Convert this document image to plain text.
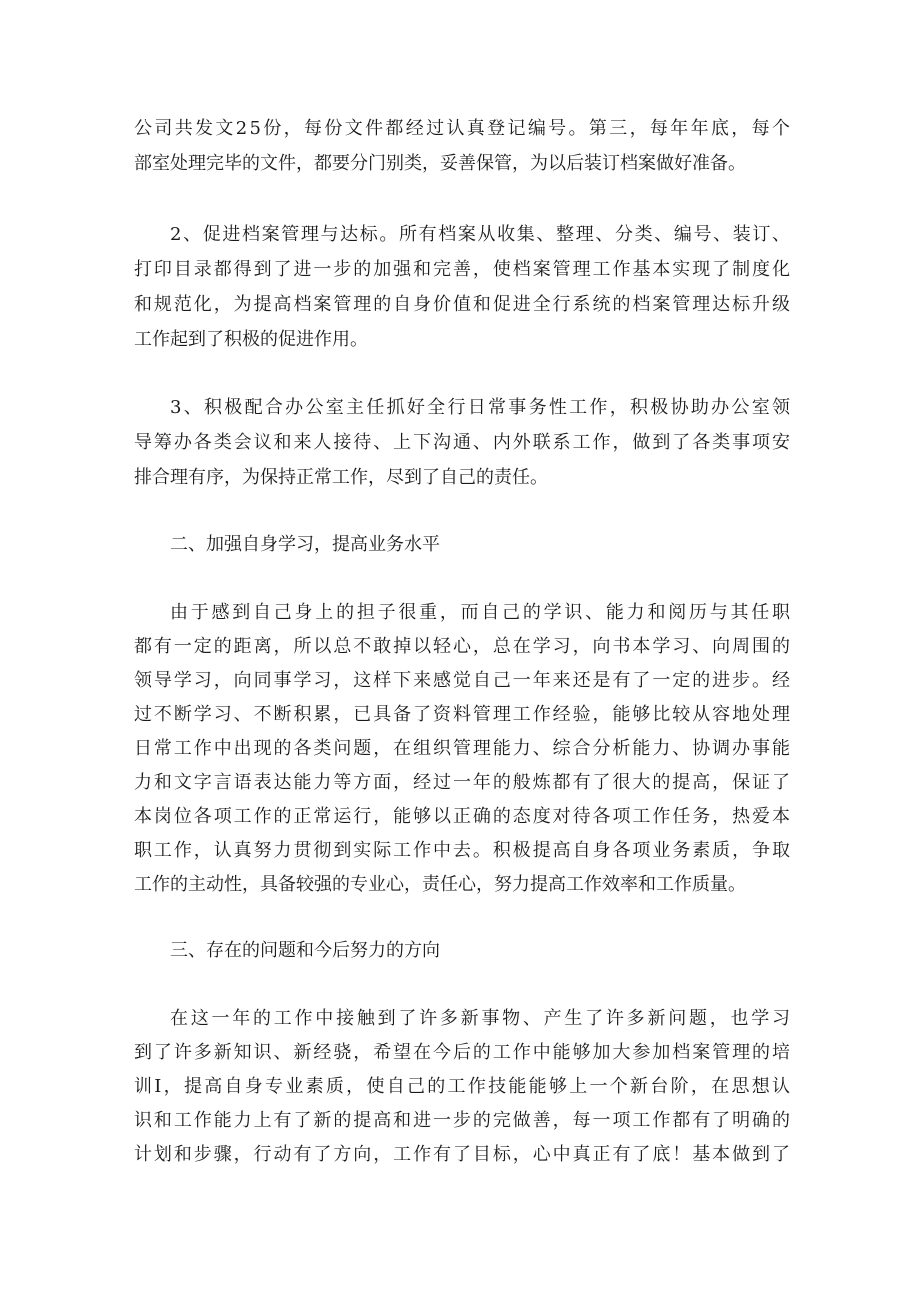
公司共发文25份，每份文件都经过认真登记编号。第三，每年年底，每个
部室处理完毕的文件，都要分门别类，妥善保管，为以后装订档案做好准备。
2、促进档案管理与达标。所有档案从收集、整理、分类、编号、装订、
打印目录都得到了进一步的加强和完善，使档案管理工作基本实现了制度化
和规范化，为提高档案管理的自身价值和促进全行系统的档案管理达标升级
工作起到了积极的促进作用。
3、积极配合办公室主任抓好全行日常事务性工作，积极协助办公室领
导筹办各类会议和来人接待、上下沟通、内外联系工作，做到了各类事项安
排合理有序，为保持正常工作，尽到了自己的责任。
二、加强自身学习，提高业务水平
由于感到自己身上的担子很重，而自己的学识、能力和阅历与其任职
都有一定的距离，所以总不敢掉以轻心，总在学习，向书本学习、向周围的
领导学习，向同事学习，这样下来感觉自己一年来还是有了一定的进步。经
过不断学习、不断积累，已具备了资料管理工作经验，能够比较从容地处理
日常工作中出现的各类问题，在组织管理能力、综合分析能力、协调办事能
力和文字言语表达能力等方面，经过一年的般炼都有了很大的提高，保证了
本岗位各项工作的正常运行，能够以正确的态度对待各项工作任务，热爱本
职工作，认真努力贯彻到实际工作中去。积极提高自身各项业务素质，争取
工作的主动性，具备较强的专业心，责任心，努力提高工作效率和工作质量。
三、存在的问题和今后努力的方向
在这一年的工作中接触到了许多新事物、产生了许多新问题，也学习
到了许多新知识、新经骁，希望在今后的工作中能够加大参加档案管理的培
训I，提高自身专业素质，使自己的工作技能能够上一个新台阶，在思想认
识和工作能力上有了新的提高和进一步的完做善，每一项工作都有了明确的
计划和步骤，行动有了方向，工作有了目标，心中真正有了底！基本做到了
